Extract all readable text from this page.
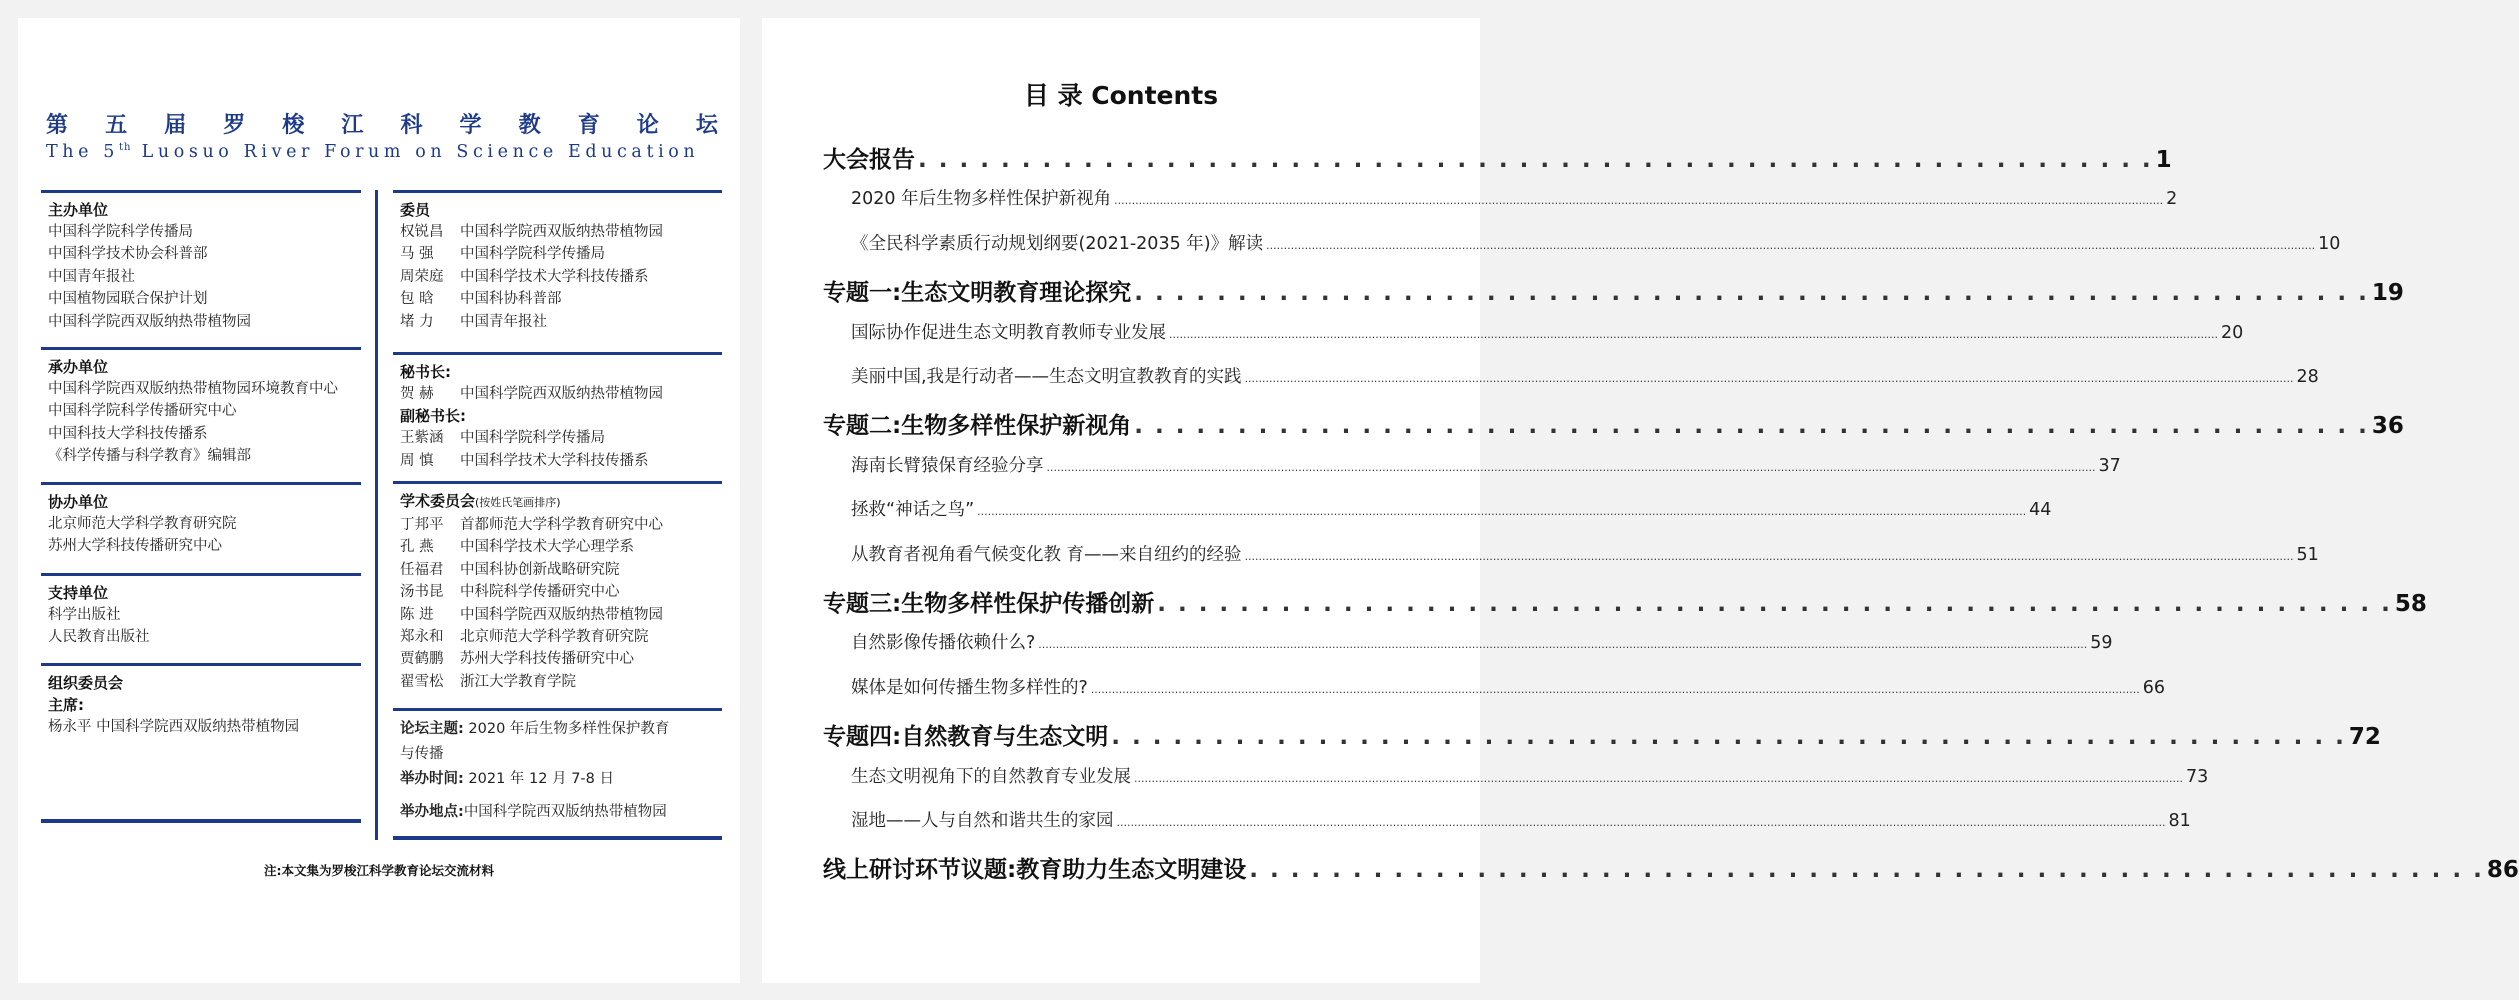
第 五 届 罗 梭 江 科 学 教 育 论 坛
The 5th Luosuo River Forum on Science Education
主办单位
中国科学院科学传播局
中国科学技术协会科普部
中国青年报社
中国植物园联合保护计划
中国科学院西双版纳热带植物园
承办单位
中国科学院西双版纳热带植物园环境教育中心
中国科学院科学传播研究中心
中国科技大学科技传播系
《科学传播与科学教育》编辑部
协办单位
北京师范大学科学教育研究院
苏州大学科技传播研究中心
支持单位
科学出版社
人民教育出版社
组织委员会
主席:
杨永平 中国科学院西双版纳热带植物园
委员
权锐昌 中国科学院西双版纳热带植物园
马 强 中国科学院科学传播局
周荣庭 中国科学技术大学科技传播系
包 晗 中国科协科普部
堵 力 中国青年报社
秘书长:
贺 赫 中国科学院西双版纳热带植物园
副秘书长:
王紫涵 中国科学院科学传播局
周 慎 中国科学技术大学科技传播系
学术委员会(按姓氏笔画排序)
丁邦平 首都师范大学科学教育研究中心
孔 燕 中国科学技术大学心理学系
任福君 中国科协创新战略研究院
汤书昆 中科院科学传播研究中心
陈 进 中国科学院西双版纳热带植物园
郑永和 北京师范大学科学教育研究院
贾鹤鹏 苏州大学科技传播研究中心
翟雪松 浙江大学教育学院
论坛主题: 2020 年后生物多样性保护教育
与传播
举办时间: 2021 年 12 月 7-8 日
举办地点:中国科学院西双版纳热带植物园
注:本文集为罗梭江科学教育论坛交流材料
目 录 Contents
大会报告 . . . . . . . . . . . . . . . . . . . . . . . . . . . . . . . . . . . . . . . . . . . . . . . . . . . . . . . . . . . . 1
2020 年后生物多样性保护新视角 ............................................................................................................................................................................................................................................................................................................ 2
《全民科学素质行动规划纲要(2021-2035 年)》解读 ............................................................................................................................................................................................................................................................................................................ 10
专题一:生态文明教育理论探究 . . . . . . . . . . . . . . . . . . . . . . . . . . . . . . . . . . . . . . . . . . . . . . . . . . . . . . . . . . . . 19
国际协作促进生态文明教育教师专业发展 ............................................................................................................................................................................................................................................................................................................ 20
美丽中国,我是行动者——生态文明宣教教育的实践 ............................................................................................................................................................................................................................................................................................................ 28
专题二:生物多样性保护新视角 . . . . . . . . . . . . . . . . . . . . . . . . . . . . . . . . . . . . . . . . . . . . . . . . . . . . . . . . . . . . 36
海南长臂猿保育经验分享 ............................................................................................................................................................................................................................................................................................................ 37
拯救“神话之鸟” ............................................................................................................................................................................................................................................................................................................ 44
从教育者视角看气候变化教 育——来自纽约的经验 ............................................................................................................................................................................................................................................................................................................ 51
专题三:生物多样性保护传播创新 . . . . . . . . . . . . . . . . . . . . . . . . . . . . . . . . . . . . . . . . . . . . . . . . . . . . . . . . . . . . 58
自然影像传播依赖什么? ............................................................................................................................................................................................................................................................................................................ 59
媒体是如何传播生物多样性的? ............................................................................................................................................................................................................................................................................................................ 66
专题四:自然教育与生态文明 . . . . . . . . . . . . . . . . . . . . . . . . . . . . . . . . . . . . . . . . . . . . . . . . . . . . . . . . . . . . 72
生态文明视角下的自然教育专业发展 ............................................................................................................................................................................................................................................................................................................ 73
湿地——人与自然和谐共生的家园 ............................................................................................................................................................................................................................................................................................................ 81
线上研讨环节议题:教育助力生态文明建设 . . . . . . . . . . . . . . . . . . . . . . . . . . . . . . . . . . . . . . . . . . . . . . . . . . . . . . . . . . . . 86
